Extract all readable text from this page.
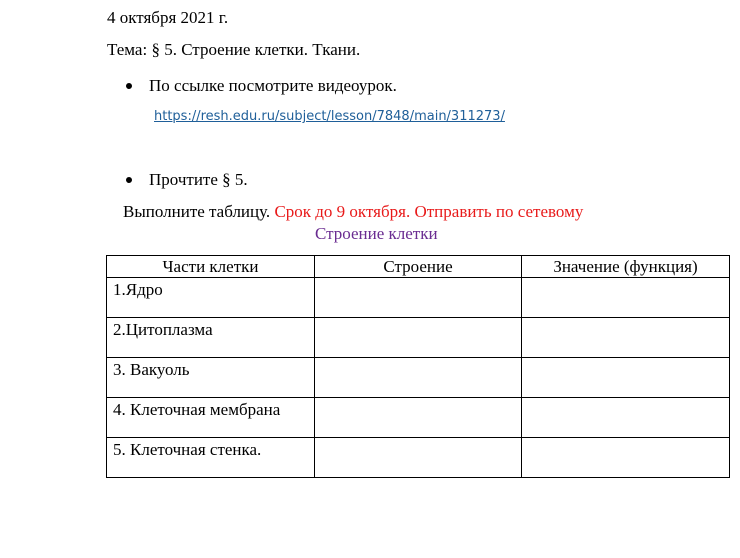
4 октября 2021 г.
Тема: § 5. Строение клетки. Ткани.
По ссылке посмотрите видеоурок.
https://resh.edu.ru/subject/lesson/7848/main/311273/
Прочтите § 5.
Выполните таблицу. Срок до 9 октября. Отправить по сетевому
Строение клетки
Части клетки	Строение	Значение (функция)
1.Ядро		
2.Цитоплазма		
3. Вакуоль		
4. Клеточная мембрана		
5. Клеточная стенка.		
